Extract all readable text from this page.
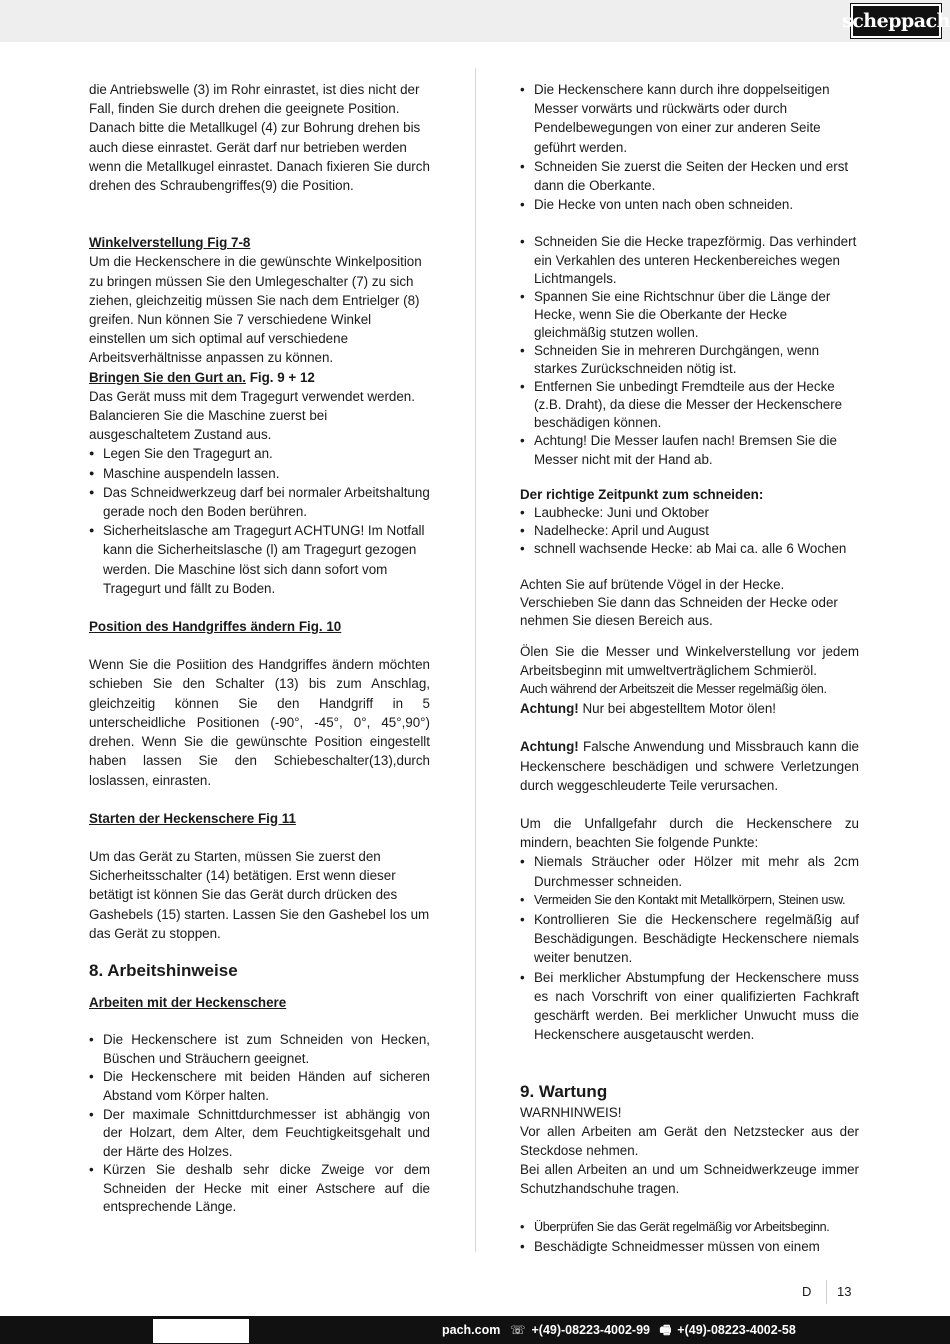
scheppach

die Antriebswelle (3) im Rohr einrastet, ist dies nicht der Fall, finden Sie durch drehen die geeignete Position. Danach bitte die Metallkugel (4) zur Bohrung drehen bis auch diese einrastet. Gerät darf nur betrieben werden wenn die Metallkugel einrastet. Danach fixieren Sie durch drehen des Schraubengriffes(9) die Position.

Winkelverstellung Fig 7-8

Um die Heckenschere in die gewünschte Winkelposition zu bringen müssen Sie den Umlegeschalter (7) zu sich ziehen, gleichzeitig müssen Sie nach dem Entrielger (8) greifen. Nun können Sie 7 verschiedene Winkel einstellen um sich optimal auf verschiedene Arbeitsverhältnisse anpassen zu können.

Bringen Sie den Gurt an. Fig. 9 + 12

Das Gerät muss mit dem Tragegurt verwendet werden. Balancieren Sie die Maschine zuerst bei ausgeschaltetem Zustand aus.

● Legen Sie den Tragegurt an.
● Maschine auspendeln lassen.
● Das Schneidwerkzeug darf bei normaler Arbeitshaltung gerade noch den Boden berühren.
● Sicherheitslasche am Tragegurt ACHTUNG! Im Notfall kann die Sicherheitslasche (l) am Tragegurt gezogen werden. Die Maschine löst sich dann sofort vom Tragegurt und fällt zu Boden.

Position des Handgriffes ändern Fig. 10

Wenn Sie die Posiition des Handgriffes ändern möchten schieben Sie den Schalter (13) bis zum Anschlag, gleichzeitig können Sie den Handgriff in 5 unterscheidliche Positionen (-90°, -45°, 0°, 45°,90°) drehen. Wenn Sie die gewünschte Position eingestellt haben lassen Sie den Schiebeschalter(13),durch loslassen, einrasten.

Starten der Heckenschere Fig 11

Um das Gerät zu Starten, müssen Sie zuerst den Sicherheitsschalter (14) betätigen. Erst wenn dieser betätigt ist können Sie das Gerät durch drücken des Gashebels (15) starten. Lassen Sie den Gashebel los um das Gerät zu stoppen.

8. Arbeitshinweise

Arbeiten mit der Heckenschere

• Die Heckenschere ist zum Schneiden von Hecken, Büschen und Sträuchern geeignet.
• Die Heckenschere mit beiden Händen auf sicheren Abstand vom Körper halten.
• Der maximale Schnittdurchmesser ist abhängig von der Holzart, dem Alter, dem Feuchtigkeitsgehalt und der Härte des Holzes.
• Kürzen Sie deshalb sehr dicke Zweige vor dem Schneiden der Hecke mit einer Astschere auf die entsprechende Länge.
• Die Heckenschere kann durch ihre doppelseitigen Messer vorwärts und rückwärts oder durch Pendelbewegungen von einer zur anderen Seite geführt werden.
• Schneiden Sie zuerst die Seiten der Hecken und erst dann die Oberkante.
• Die Hecke von unten nach oben schneiden.
• Schneiden Sie die Hecke trapezförmig. Das verhindert ein Verkahlen des unteren Heckenbereiches wegen Lichtmangels.
• Spannen Sie eine Richtschnur über die Länge der Hecke, wenn Sie die Oberkante der Hecke gleichmäßig stutzen wollen.
• Schneiden Sie in mehreren Durchgängen, wenn starkes Zurückschneiden nötig ist.
• Entfernen Sie unbedingt Fremdteile aus der Hecke (z.B. Draht), da diese die Messer der Heckenschere beschädigen können.
• Achtung! Die Messer laufen nach! Bremsen Sie die Messer nicht mit der Hand ab.

Der richtige Zeitpunkt zum schneiden:

• Laubhecke: Juni und Oktober
• Nadelhecke: April und August
• schnell wachsende Hecke: ab Mai ca. alle 6 Wochen

Achten Sie auf brütende Vögel in der Hecke. Verschieben Sie dann das Schneiden der Hecke oder nehmen Sie diesen Bereich aus.

Ölen Sie die Messer und Winkelverstellung vor jedem Arbeitsbeginn mit umweltverträglichem Schmieröl.

Auch während der Arbeitszeit die Messer regelmäßig ölen.

Achtung! Nur bei abgestelltem Motor ölen!

Achtung! Falsche Anwendung und Missbrauch kann die Heckenschere beschädigen und schwere Verletzungen durch weggeschleuderte Teile verursachen.

Um die Unfallgefahr durch die Heckenschere zu mindern, beachten Sie folgende Punkte:

• Niemals Sträucher oder Hölzer mit mehr als 2cm Durchmesser schneiden.
• Vermeiden Sie den Kontakt mit Metallkörpern, Steinen usw.
• Kontrollieren Sie die Heckenschere regelmäßig auf Beschädigungen. Beschädigte Heckenschere niemals weiter benutzen.
• Bei merklicher Abstumpfung der Heckenschere muss es nach Vorschrift von einer qualifizierten Fachkraft geschärft werden. Bei merklicher Unwucht muss die Heckenschere ausgetauscht werden.

9. Wartung

WARNHINWEIS!

Vor allen Arbeiten am Gerät den Netzstecker aus der Steckdose nehmen.

Bei allen Arbeiten an und um Schneidwerkzeuge immer Schutzhandschuhe tragen.

• Überprüfen Sie das Gerät regelmäßig vor Arbeitsbeginn.
• Beschädigte Schneidmesser müssen von einem
D 13
pach.com ☏ +(49)-08223-4002-99 🖷 +(49)-08223-4002-58
